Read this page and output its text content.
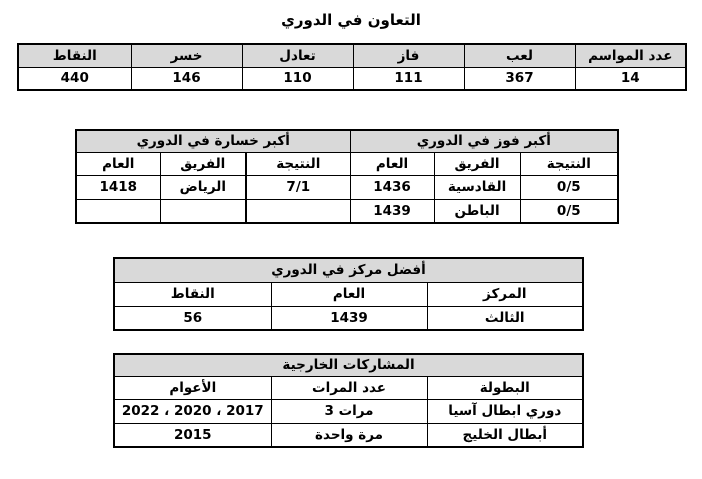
التعاون في الدوري
عدد المواسم	لعب	فاز	تعادل	خسر	النقاط
14	367	111	110	146	440
أكبر فوز في الدوري			أكبر خسارة في الدوري		
النتيجة	الفريق	العام	النتيجة	الفريق	العام
0/5	القادسية	1436	7/1	الرياض	1418
0/5	الباطن	1439			
أفضل مركز في الدوري		
المركز	العام	النقاط
الثالث	1439	56
المشاركات الخارجية		
البطولة	عدد المرات	الأعوام
دوري ابطال آسيا	3 مرات	2017 ، 2020 ، 2022
أبطال الخليج	مرة واحدة	2015
